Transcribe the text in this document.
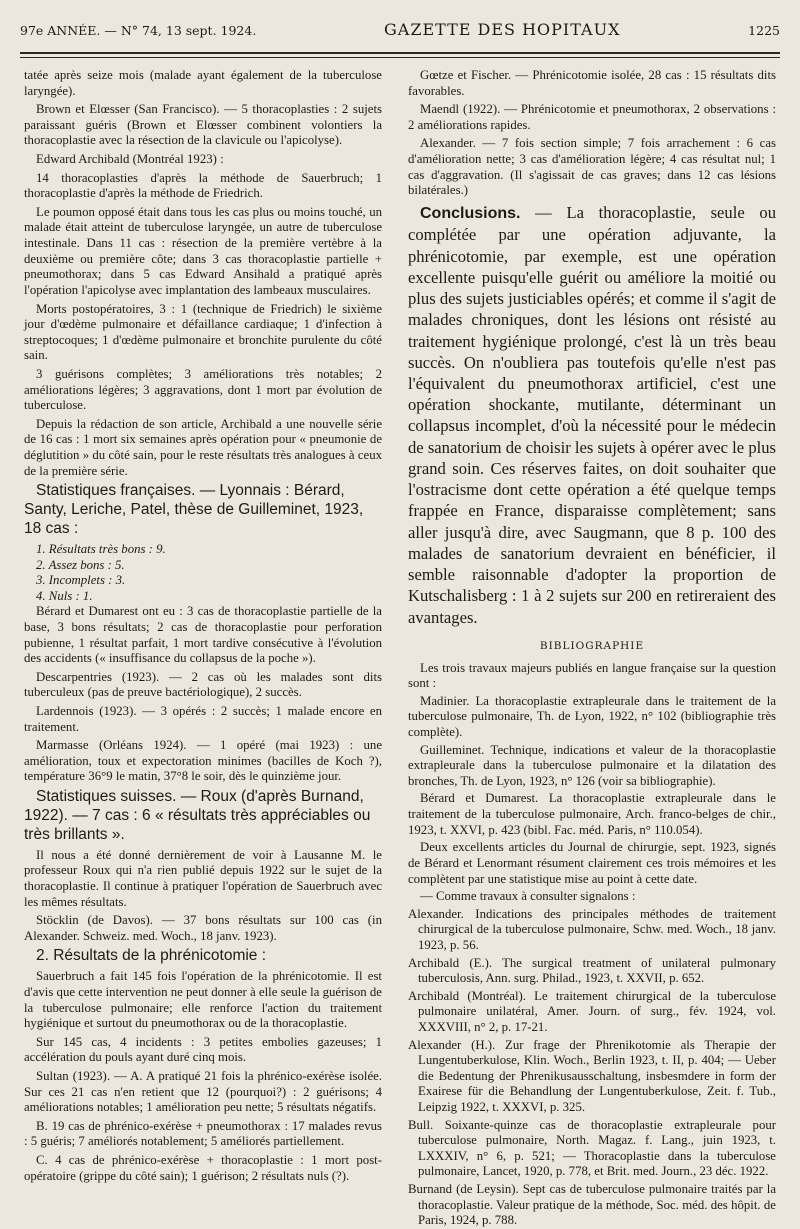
97e ANNÉE. — N° 74, 13 sept. 1924.	GAZETTE DES HOPITAUX	1225

tatée après seize mois (malade ayant également de la tuberculose laryngée).

Brown et Elœsser (San Francisco). — 5 thoracoplasties : 2 sujets paraissant guéris (Brown et Elœsser combinent volontiers la thoracoplastie avec la résection de la clavicule ou l'apicolyse).

Edward Archibald (Montréal 1923) :

14 thoracoplasties d'après la méthode de Sauerbruch; 1 thoracoplastie d'après la méthode de Friedrich.

Le poumon opposé était dans tous les cas plus ou moins touché, un malade était atteint de tuberculose laryngée, un autre de tuberculose intestinale. Dans 11 cas : résection de la première vertèbre à la deuxième ou première côte; dans 3 cas thoracoplastie partielle + pneumothorax; dans 5 cas Edward Ansihald a pratiqué après l'opération l'apicolyse avec implantation des lambeaux musculaires.

Morts postopératoires, 3 : 1 (technique de Friedrich) le sixième jour d'œdème pulmonaire et défaillance cardiaque; 1 d'infection à streptocoques; 1 d'œdème pulmonaire et bronchite purulente du côté sain.

3 guérisons complètes; 3 améliorations très notables; 2 améliorations légères; 3 aggravations, dont 1 mort par évolution de tuberculose.

Depuis la rédaction de son article, Archibald a une nouvelle série de 16 cas : 1 mort six semaines après opération pour « pneumonie de déglutition » du côté sain, pour le reste résultats très analogues à ceux de la première série.

Statistiques françaises. — Lyonnais : Bérard, Santy, Leriche, Patel, thèse de Guilleminet, 1923, 18 cas :

1. Résultats très bons : 9.

2. Assez bons : 5.

3. Incomplets : 3.

4. Nuls : 1.

Bérard et Dumarest ont eu : 3 cas de thoracoplastie partielle de la base, 3 bons résultats; 2 cas de thoracoplastie pour perforation pubienne, 1 résultat parfait, 1 mort tardive consécutive à l'évolution des accidents (« insuffisance du collapsus de la poche »).

Descarpentries (1923). — 2 cas où les malades sont dits tuberculeux (pas de preuve bactériologique), 2 succès.

Lardennois (1923). — 3 opérés : 2 succès; 1 malade encore en traitement.

Marmasse (Orléans 1924). — 1 opéré (mai 1923) : une amélioration, toux et expectoration minimes (bacilles de Koch ?), température 36°9 le matin, 37°8 le soir, dès le quinzième jour.

Statistiques suisses. — Roux (d'après Burnand, 1922). — 7 cas : 6 « résultats très appréciables ou très brillants ».

Il nous a été donné dernièrement de voir à Lausanne M. le professeur Roux qui n'a rien publié depuis 1922 sur le sujet de la thoracoplastie. Il continue à pratiquer l'opération de Sauerbruch avec les mêmes résultats.

Stöcklin (de Davos). — 37 bons résultats sur 100 cas (in Alexander. Schweiz. med. Woch., 18 janv. 1923).

2. Résultats de la phrénicotomie :

Sauerbruch a fait 145 fois l'opération de la phrénicotomie. Il est d'avis que cette intervention ne peut donner à elle seule la guérison de la tuberculose pulmonaire; elle renforce l'action du traitement hygiénique et surtout du pneumothorax ou de la thoracoplastie.

Sur 145 cas, 4 incidents : 3 petites embolies gazeuses; 1 accélération du pouls ayant duré cinq mois.

Sultan (1923). — A. A pratiqué 21 fois la phrénico-exérèse isolée. Sur ces 21 cas n'en retient que 12 (pourquoi?) : 2 guérisons; 4 améliorations notables; 1 amélioration peu nette; 5 résultats négatifs.

B. 19 cas de phrénico-exérèse + pneumothorax : 17 malades revus : 5 guéris; 7 améliorés notablement; 5 améliorés partiellement.

C. 4 cas de phrénico-exérèse + thoracoplastie : 1 mort post-opératoire (grippe du côté sain); 1 guérison; 2 résultats nuls (?).

Gœtze et Fischer. — Phrénicotomie isolée, 28 cas : 15 résultats dits favorables.

Maendl (1922). — Phrénicotomie et pneumothorax, 2 observations : 2 améliorations rapides.

Alexander. — 7 fois section simple; 7 fois arrachement : 6 cas d'amélioration nette; 3 cas d'amélioration légère; 4 cas résultat nul; 1 cas d'aggravation. (Il s'agissait de cas graves; dans 12 cas lésions bilatérales.)

Conclusions. — La thoracoplastie, seule ou complétée par une opération adjuvante, la phrénicotomie, par exemple, est une opération excellente puisqu'elle guérit ou améliore la moitié ou plus des sujets justiciables opérés; et comme il s'agit de malades chroniques, dont les lésions ont résisté au traitement hygiénique prolongé, c'est là un très beau succès. On n'oubliera pas toutefois qu'elle n'est pas l'équivalent du pneumothorax artificiel, c'est une opération shockante, mutilante, déterminant un collapsus incomplet, d'où la nécessité pour le médecin de sanatorium de choisir les sujets à opérer avec le plus grand soin. Ces réserves faites, on doit souhaiter que l'ostracisme dont cette opération a été quelque temps frappée en France, disparaisse complètement; sans aller jusqu'à dire, avec Saugmann, que 8 p. 100 des malades de sanatorium devraient en bénéficier, il semble raisonnable d'adopter la proportion de Kutschalisberg : 1 à 2 sujets sur 200 en retireraient des avantages.

BIBLIOGRAPHIE

Les trois travaux majeurs publiés en langue française sur la question sont :

Madinier. La thoracoplastie extrapleurale dans le traitement de la tuberculose pulmonaire, Th. de Lyon, 1922, n° 102 (bibliographie très complète).

Guilleminet. Technique, indications et valeur de la thoracoplastie extrapleurale dans la tuberculose pulmonaire et la dilatation des bronches, Th. de Lyon, 1923, n° 126 (voir sa bibliographie).

Bérard et Dumarest. La thoracoplastie extrapleurale dans le traitement de la tuberculose pulmonaire, Arch. franco-belges de chir., 1923, t. XXVI, p. 423 (bibl. Fac. méd. Paris, n° 110.054).

Deux excellents articles du Journal de chirurgie, sept. 1923, signés de Bérard et Lenormant résument clairement ces trois mémoires et les complètent par une statistique mise au point à cette date.

— Comme travaux à consulter signalons :

Alexander. Indications des principales méthodes de traitement chirurgical de la tuberculose pulmonaire, Schw. med. Woch., 18 janv. 1923, p. 56.

Archibald (E.). The surgical treatment of unilateral pulmonary tuberculosis, Ann. surg. Philad., 1923, t. XXVII, p. 652.

Archibald (Montréal). Le traitement chirurgical de la tuberculose pulmonaire unilatéral, Amer. Journ. of surg., fév. 1924, vol. XXXVIII, n° 2, p. 17-21.

Alexander (H.). Zur frage der Phrenikotomie als Therapie der Lungentuberkulose, Klin. Woch., Berlin 1923, t. II, p. 404; — Ueber die Bedentung der Phrenikusausschaltung, insbesmdere in form der Exairese für die Behandlung der Lungentuberkulose, Zeit. f. Tub., Leipzig 1922, t. XXXVI, p. 325.

Bull. Soixante-quinze cas de thoracoplastie extrapleurale pour tuberculose pulmonaire, North. Magaz. f. Lang., juin 1923, t. LXXXIV, n° 6, p. 521; — Thoracoplastie dans la tuberculose pulmonaire, Lancet, 1920, p. 778, et Brit. med. Journ., 23 déc. 1922.

Burnand (de Leysin). Sept cas de tuberculose pulmonaire traités par la thoracoplastie. Valeur pratique de la méthode, Soc. méd. des hôpit. de Paris, 1924, p. 788.
